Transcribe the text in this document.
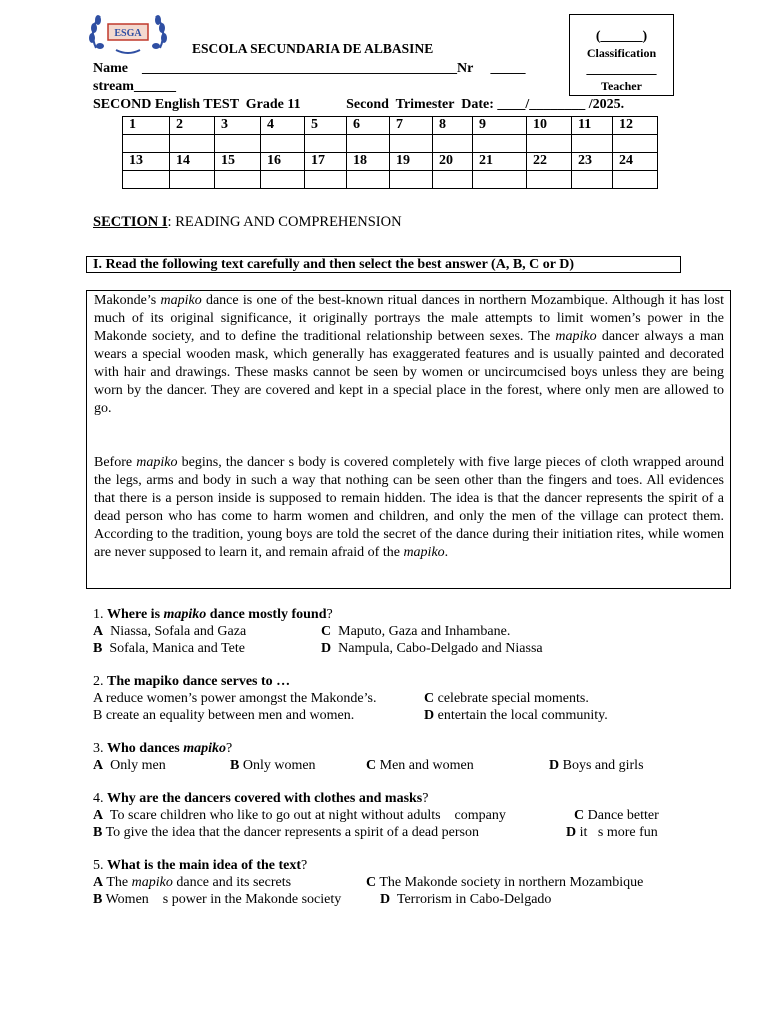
ESGA
ESCOLA SECUNDARIA DE ALBASINE
(______)
Classification
__________
Teacher
Name    _____________________________________________Nr     _____
stream______
SECOND English TEST  Grade 11             Second  Trimester  Date: ____/________ /2025.
1	2	3	4	5	6	7	8	9	10	11	12

13	14	15	16	17	18	19	20	21	22	23	24

SECTION I: READING AND COMPREHENSION
I. Read the following text carefully and then select the best answer (A, B, C or D)
Makonde’s mapiko dance is one of the best-known ritual dances in northern Mozambique. Although it has lost much of its original significance, it originally portrays the male attempts to limit women’s power in the Makonde society, and to define the traditional relationship between sexes. The mapiko dancer always a man wears a special wooden mask, which generally has exaggerated features and is usually painted and decorated with hair and drawings. These masks cannot be seen by women or uncircumcised boys unless they are being worn by the dancer. They are covered and kept in a special place in the forest, where only men are allowed to go.
Before mapiko begins, the dancer s body is covered completely with five large pieces of cloth wrapped around the legs, arms and body in such a way that nothing can be seen other than the fingers and toes. All evidences that there is a person inside is supposed to remain hidden. The idea is that the dancer represents the spirit of a dead person who has come to harm women and children, and only the men of the village can protect them. According to the tradition, young boys are told the secret of the dance during their initiation rites, while women are never supposed to learn it, and remain afraid of the mapiko.
1. Where is mapiko dance mostly found?
A  Niassa, Sofala and Gaza	C  Maputo, Gaza and Inhambane.
B  Sofala, Manica and Tete	D  Nampula, Cabo-Delgado and Niassa
2. The mapiko dance serves to …
A reduce women’s power amongst the Makonde’s.	C celebrate special moments.
B create an equality between men and women.	D entertain the local community.
3. Who dances mapiko?
A  Only men	B Only women	C Men and women	D Boys and girls
4. Why are the dancers covered with clothes and masks?
A  To scare children who like to go out at night without adults    company	C Dance better
B To give the idea that the dancer represents a spirit of a dead person	D it   s more fun
5. What is the main idea of the text?
A The mapiko dance and its secrets	C The Makonde society in northern Mozambique
B Women    s power in the Makonde society	D  Terrorism in Cabo-Delgado
